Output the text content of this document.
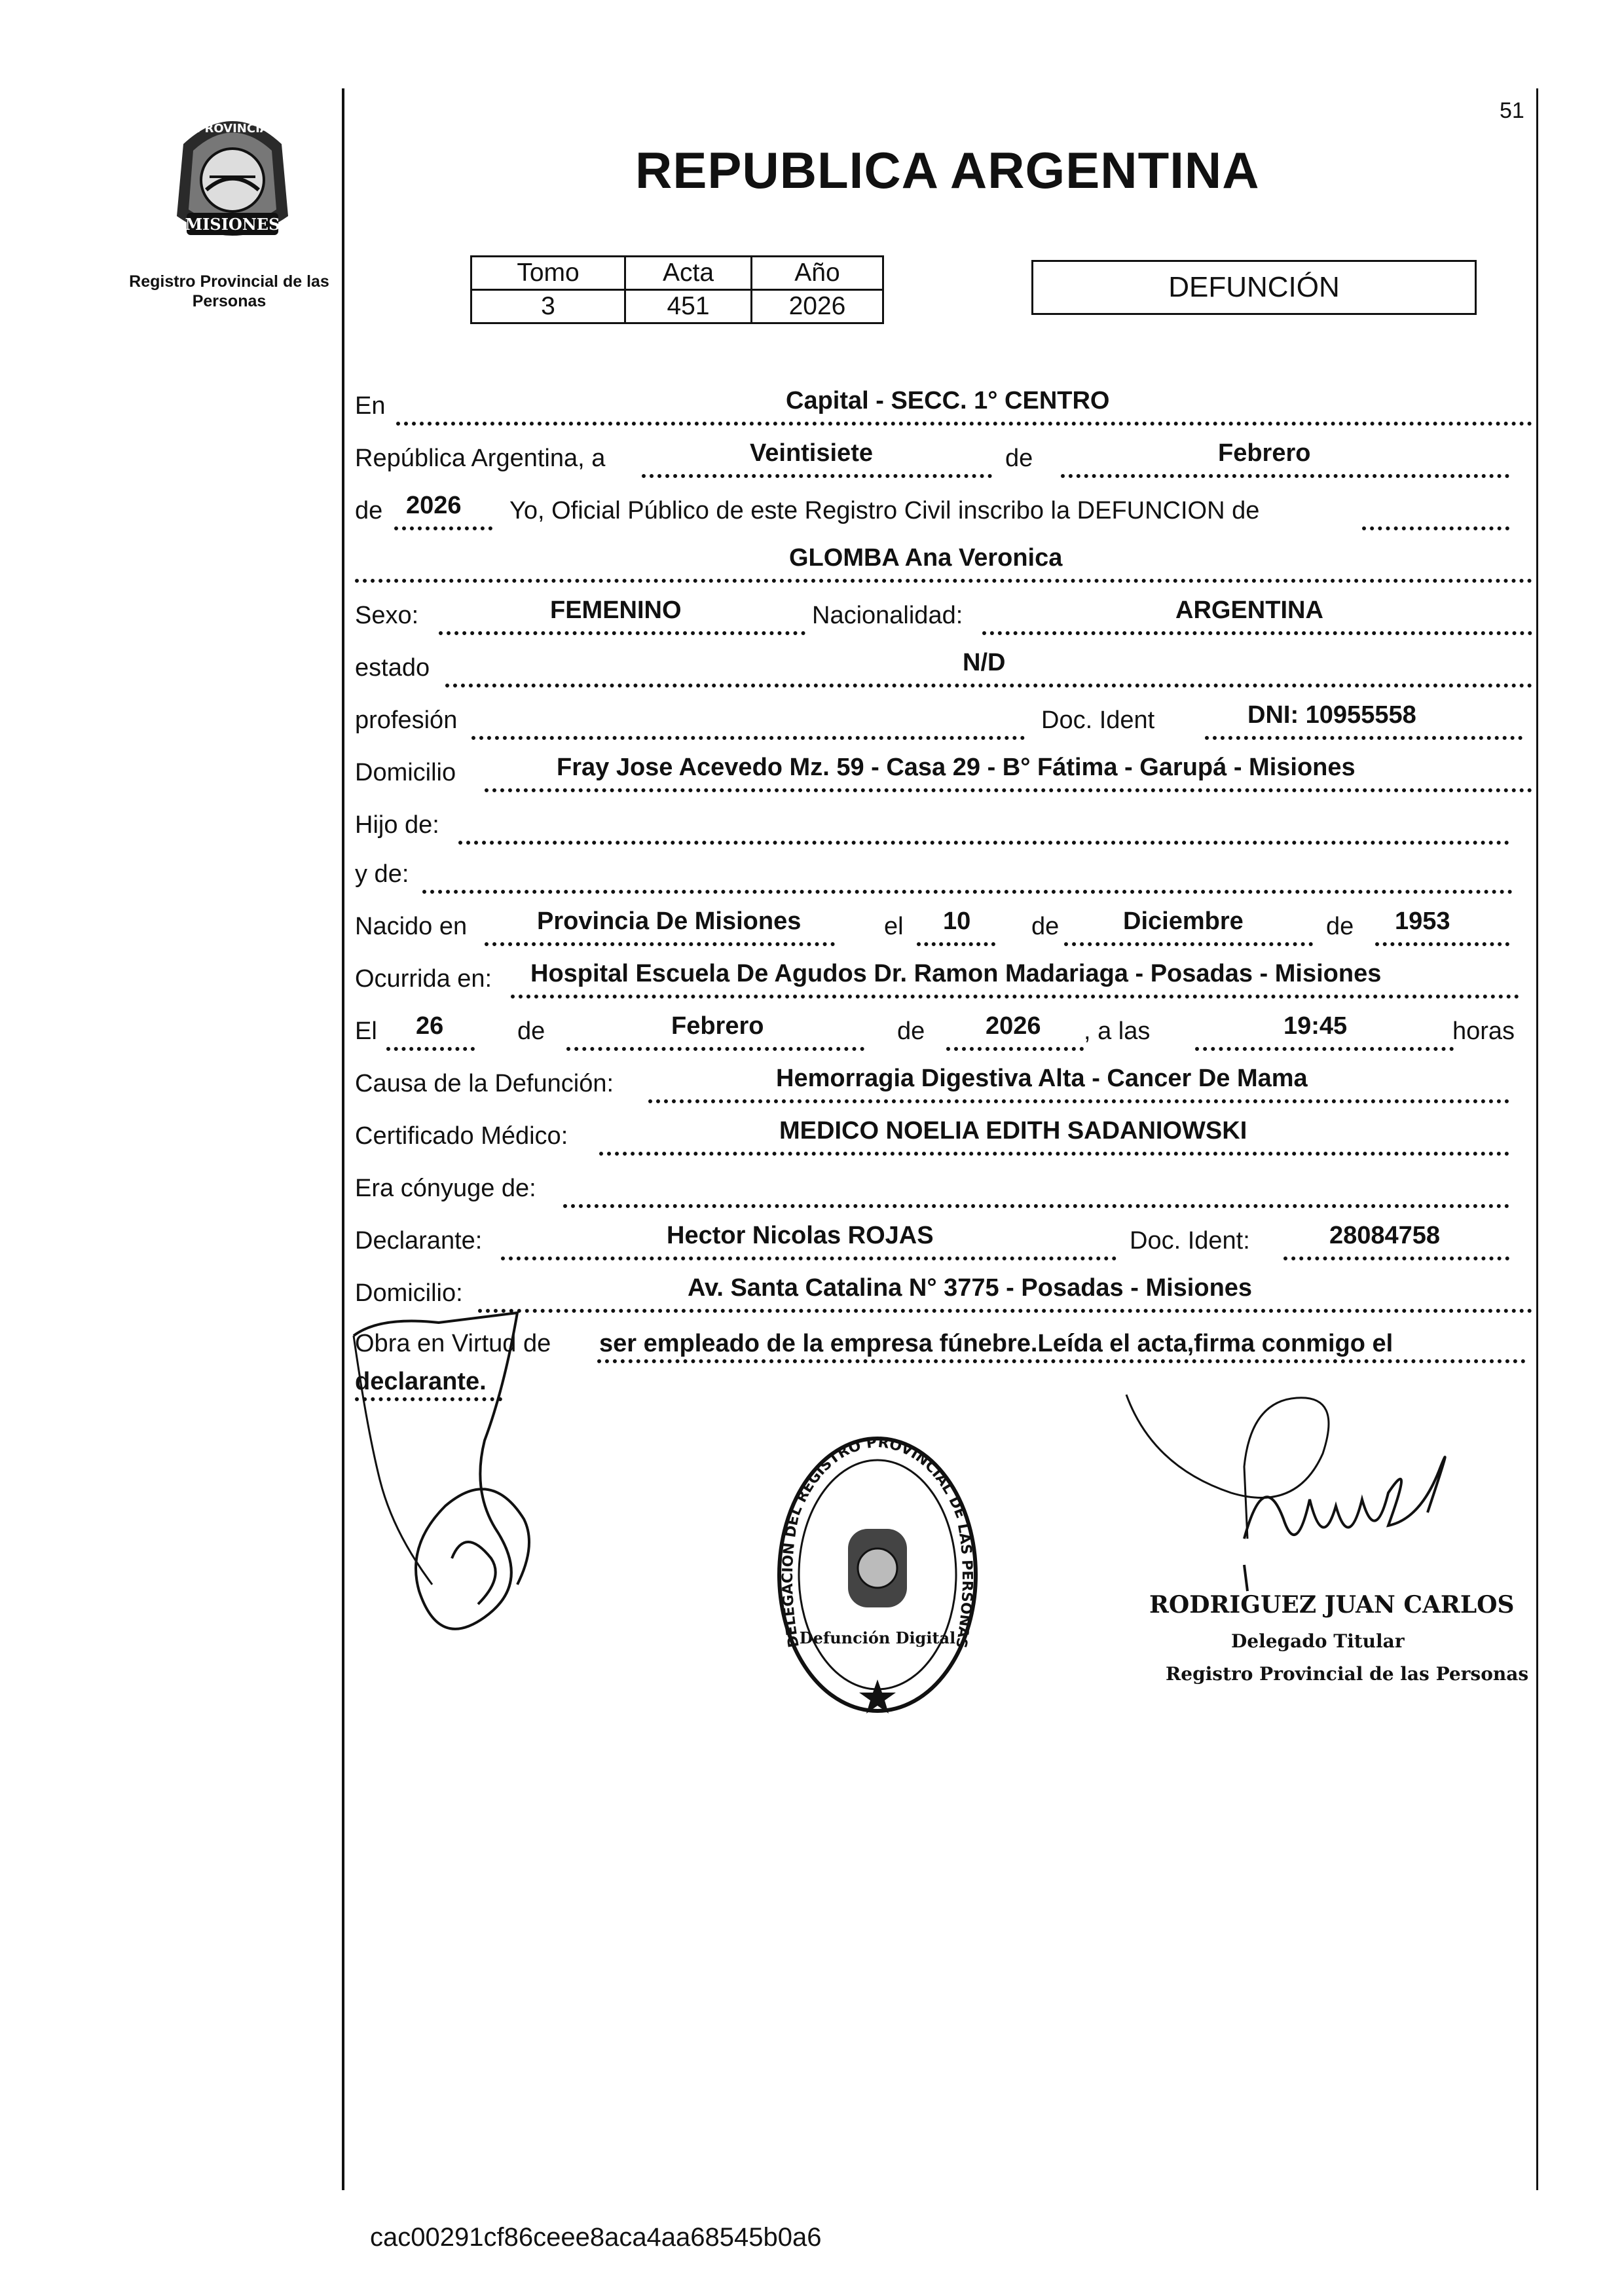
MISIONES
PROVINCIA
Registro Provincial de las Personas
51
REPUBLICA ARGENTINA
Tomo	Acta	Año
3	451	2026
DEFUNCIÓN
En	Capital - SECC. 1° CENTRO
República Argentina, a	Veintisiete	de	Febrero
de 2026 Yo, Oficial Público de este Registro Civil inscribo la DEFUNCION de
GLOMBA Ana Veronica
Sexo:	FEMENINO	Nacionalidad:	ARGENTINA
estado	N/D
profesión	Doc. Ident	DNI: 10955558
Domicilio	Fray Jose Acevedo Mz. 59 - Casa 29 - B° Fátima - Garupá - Misiones
Hijo de:
y de:
Nacido en	Provincia De Misiones	el 10 de	Diciembre	de 1953
Ocurrida en: Hospital Escuela De Agudos Dr. Ramon Madariaga - Posadas - Misiones
El 26	de	Febrero	de 2026 , a las	19:45	horas
Causa de la Defunción:	Hemorragia Digestiva Alta - Cancer De Mama
Certificado Médico:	MEDICO NOELIA EDITH SADANIOWSKI
Era cónyuge de:
Declarante:	Hector Nicolas ROJAS	Doc. Ident:	28084758
Domicilio:	Av. Santa Catalina N° 3775 - Posadas - Misiones
Obra en Virtud de ser empleado de la empresa fúnebre.Leída el acta,firma conmigo el
declarante.
DELEGACION DEL REGISTRO PROVINCIAL DE LAS PERSONAS
Defunción Digital
RODRIGUEZ JUAN CARLOS
Delegado Titular
Registro Provincial de las Personas
cac00291cf86ceee8aca4aa68545b0a6
